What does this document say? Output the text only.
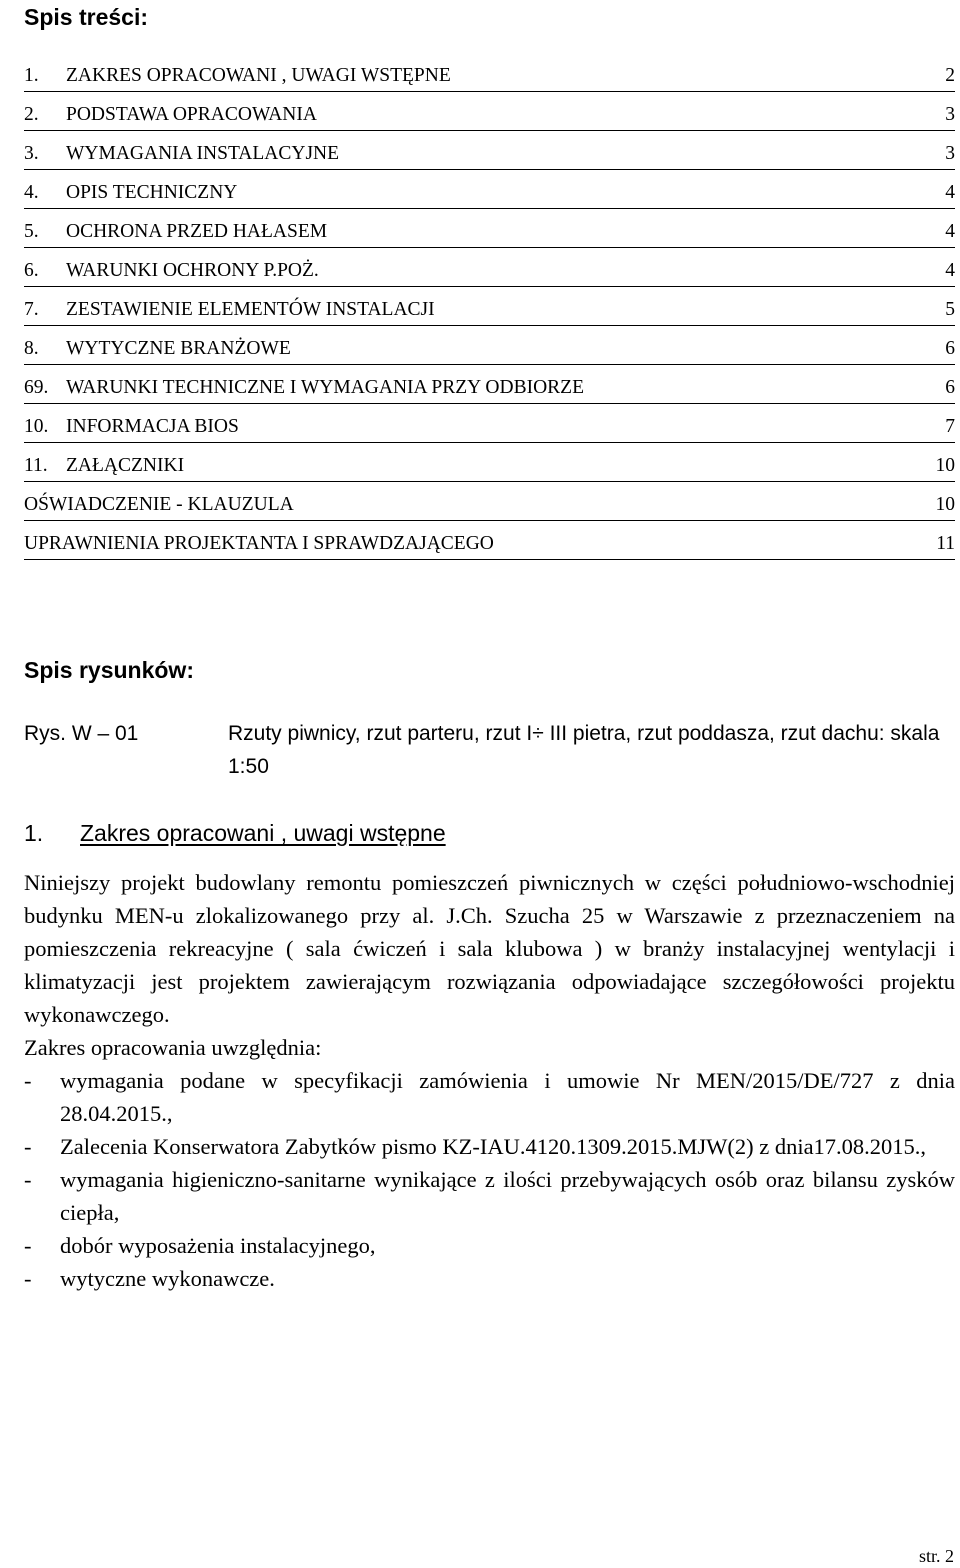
Spis treści:
1. ZAKRES OPRACOWANI , UWAGI WSTĘPNE	2
2. PODSTAWA OPRACOWANIA	3
3. WYMAGANIA INSTALACYJNE	3
4. OPIS TECHNICZNY	4
5. OCHRONA PRZED HAŁASEM	4
6. WARUNKI OCHRONY P.POŻ.	4
7. ZESTAWIENIE ELEMENTÓW INSTALACJI	5
8. WYTYCZNE BRANŻOWE	6
69. WARUNKI TECHNICZNE I WYMAGANIA PRZY ODBIORZE	6
10. INFORMACJA BIOS	7
11. ZAŁĄCZNIKI	10
OŚWIADCZENIE - KLAUZULA	10
UPRAWNIENIA PROJEKTANTA I SPRAWDZAJĄCEGO	11
Spis rysunków:
Rys. W – 01	Rzuty piwnicy, rzut parteru, rzut I÷ III pietra, rzut poddasza, rzut dachu: skala 1:50
1. Zakres opracowani , uwagi wstępne

Niniejszy projekt budowlany remontu pomieszczeń piwnicznych w części południowo-wschodniej budynku MEN-u zlokalizowanego przy al. J.Ch. Szucha 25 w Warszawie z przeznaczeniem na pomieszczenia rekreacyjne ( sala ćwiczeń i sala klubowa ) w branży instalacyjnej wentylacji i klimatyzacji jest projektem zawierającym rozwiązania odpowiadające szczegółowości projektu wykonawczego.

Zakres opracowania uwzględnia:

-	wymagania podane w specyfikacji zamówienia i umowie Nr MEN/2015/DE/727 z dnia 28.04.2015.,
-	Zalecenia Konserwatora Zabytków pismo KZ-IAU.4120.1309.2015.MJW(2) z dnia17.08.2015.,
-	wymagania higieniczno-sanitarne wynikające z ilości przebywających osób oraz bilansu zysków ciepła,
-	dobór wyposażenia instalacyjnego,
-	wytyczne wykonawcze.
str. 2
